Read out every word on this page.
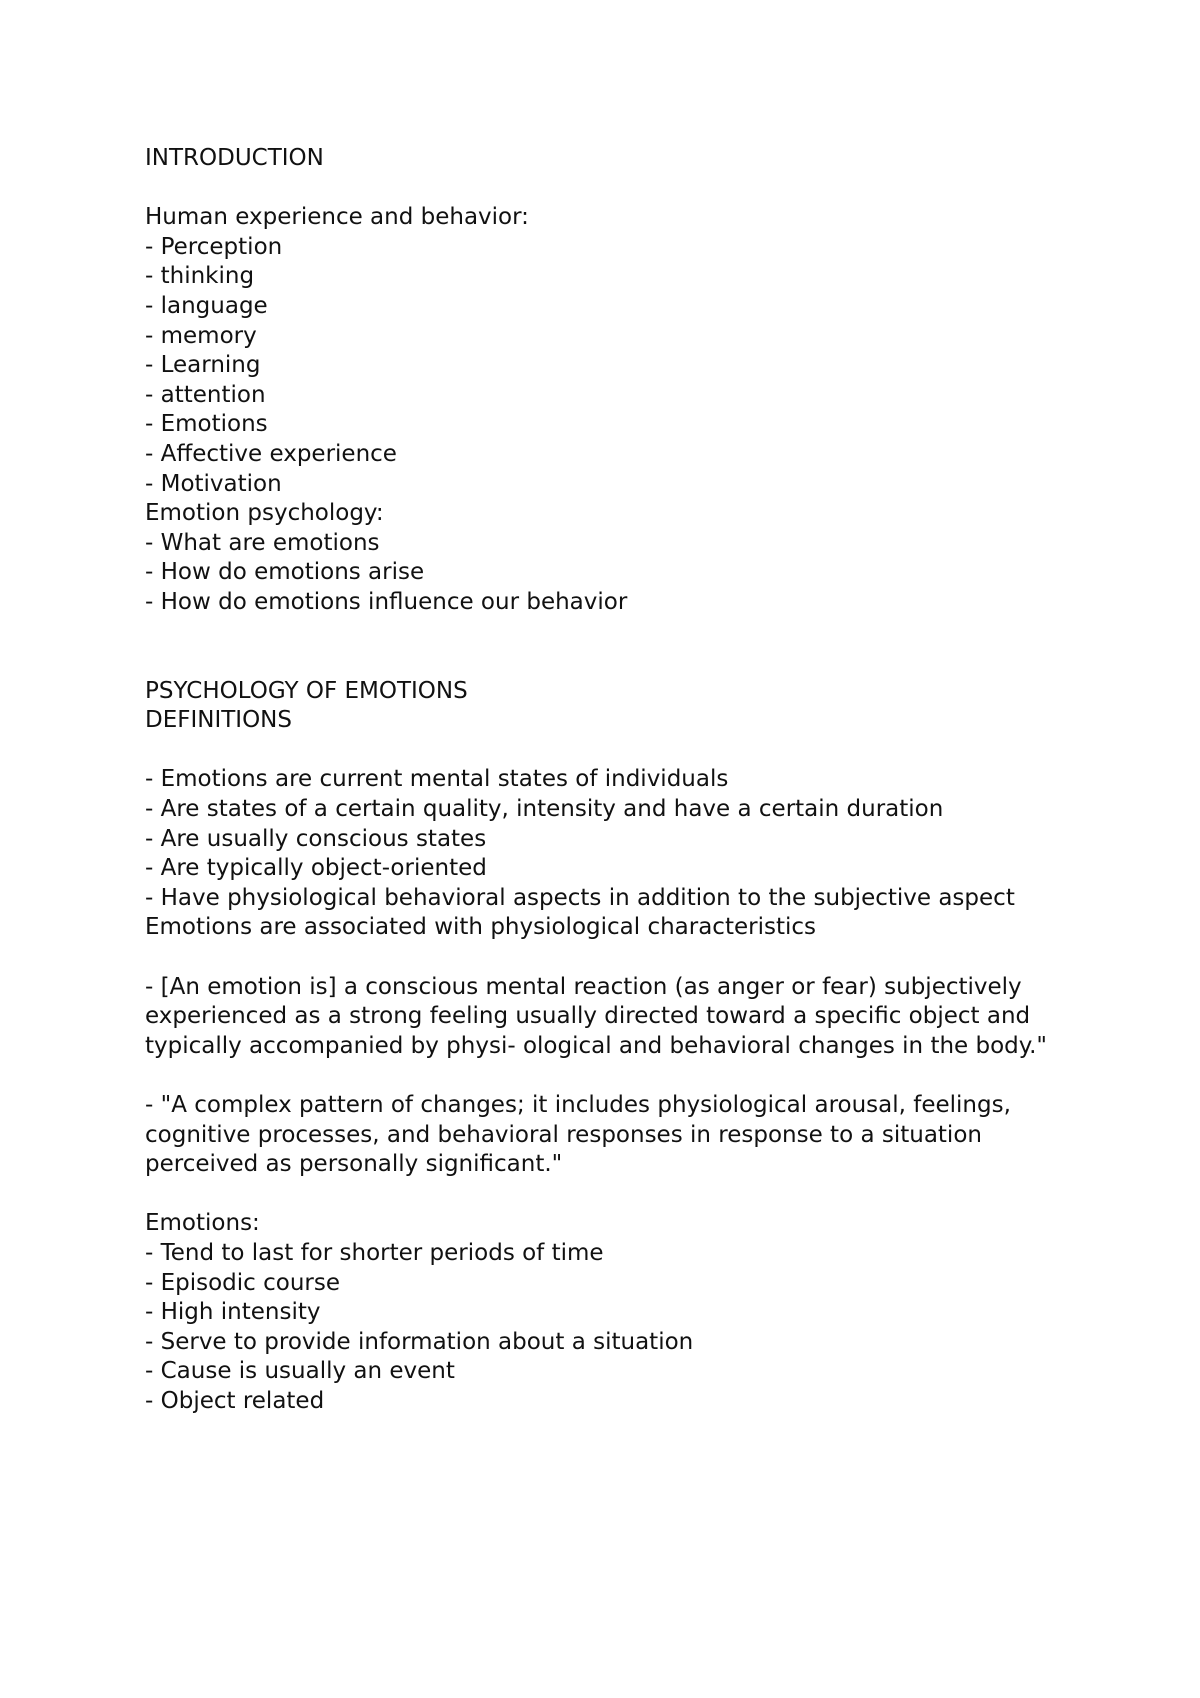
INTRODUCTION
Human experience and behavior:
- Perception
- thinking
- language
- memory
- Learning
- attention
- Emotions
- Affective experience
- Motivation
Emotion psychology:
- What are emotions
- How do emotions arise
- How do emotions influence our behavior
PSYCHOLOGY OF EMOTIONS
DEFINITIONS
- Emotions are current mental states of individuals
- Are states of a certain quality, intensity and have a certain duration
- Are usually conscious states
- Are typically object-oriented
- Have physiological behavioral aspects in addition to the subjective aspect
Emotions are associated with physiological characteristics
- [An emotion is] a conscious mental reaction (as anger or fear) subjectively experienced as a strong feeling usually directed toward a specific object and typically accompanied by physi- ological and behavioral changes in the body."
- "A complex pattern of changes; it includes physiological arousal, feelings, cognitive processes, and behavioral responses in response to a situation perceived as personally significant."
Emotions:
- Tend to last for shorter periods of time
- Episodic course
- High intensity
- Serve to provide information about a situation
- Cause is usually an event
- Object related
